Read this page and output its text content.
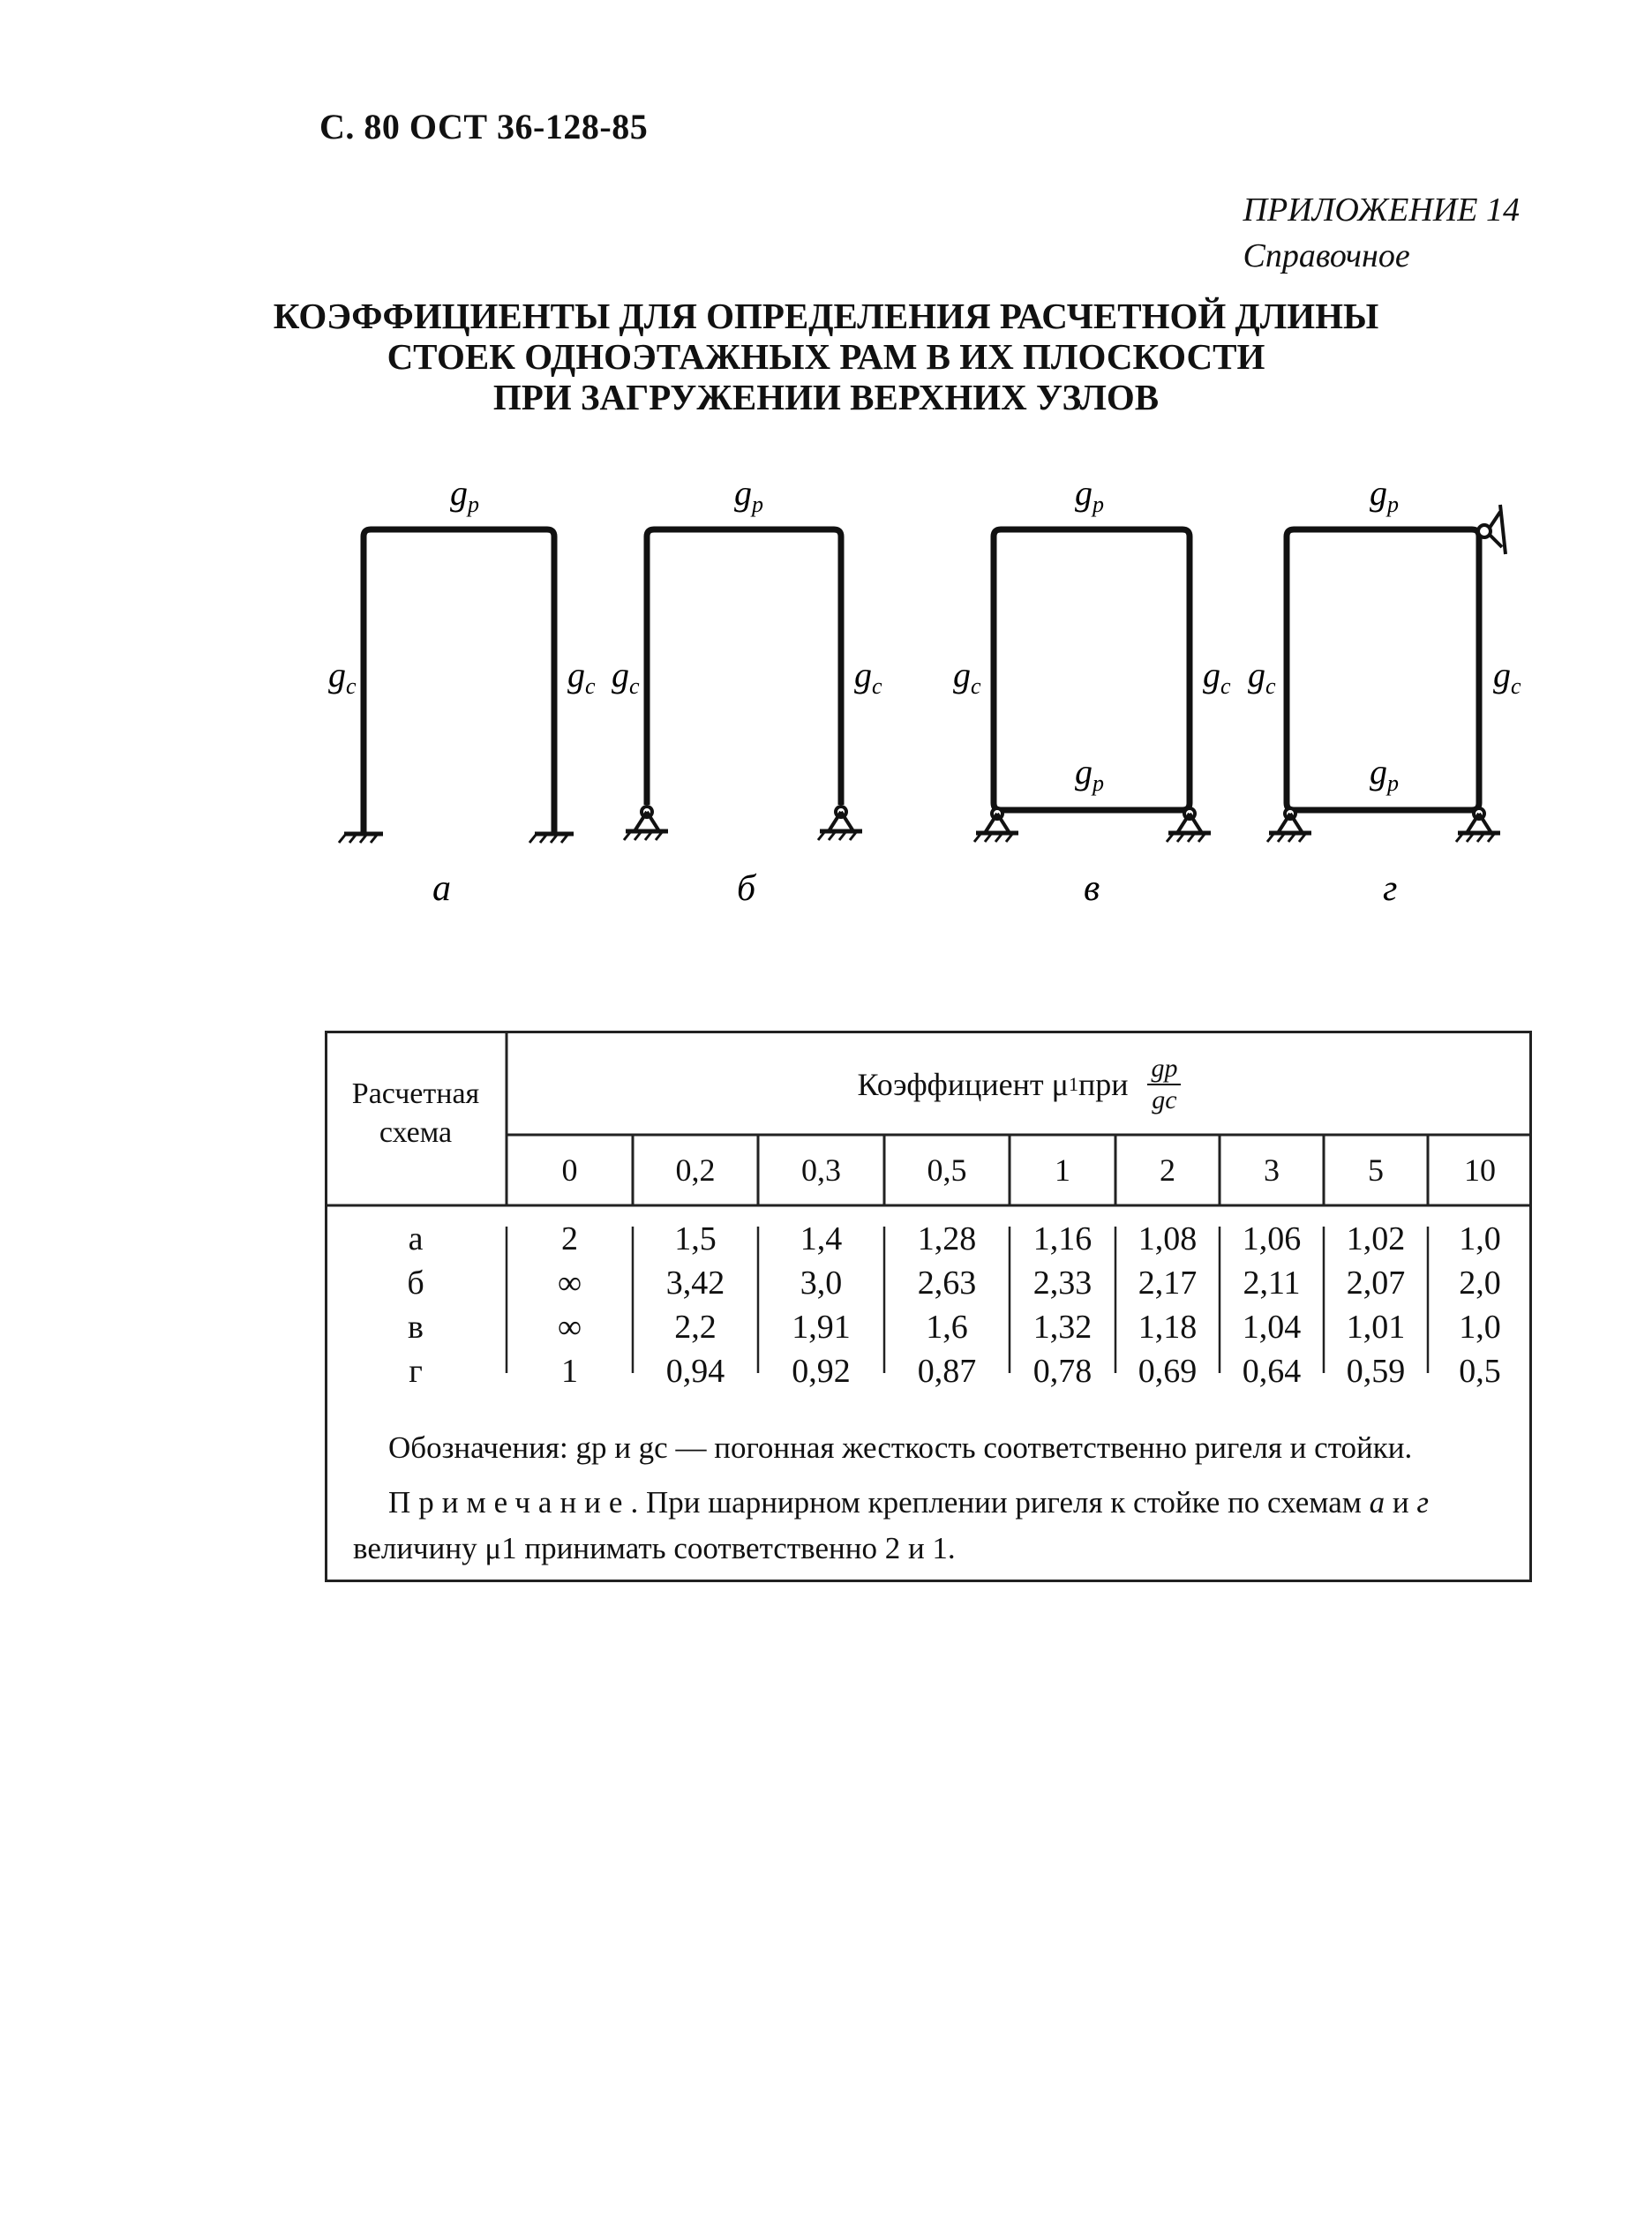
С. 80 ОСТ 36-128-85
ПРИЛОЖЕНИЕ 14
Справочное
КОЭФФИЦИЕНТЫ ДЛЯ ОПРЕДЕЛЕНИЯ РАСЧЕТНОЙ ДЛИНЫ
СТОЕК ОДНОЭТАЖНЫХ РАМ В ИХ ПЛОСКОСТИ
ПРИ ЗАГРУЖЕНИИ ВЕРХНИХ УЗЛОВ
$g_p$
$g_c$	$g_c$
а
$g_p$
$g_c$	$g_c$
б
$g_p$
$g_p$
$g_c$	$g_c$
в
$g_p$
$g_p$
$g_c$	$g_c$
г
Расчетная схема
Коэффициент μ 1 при $\frac{gp}{gc}$
0	0,2	0,3	0,5	1	2	3	5	10
а	2	1,5	1,4	1,28	1,16	1,08	1,06	1,02	1,0
б	∞	3,42	3,0	2,63	2,33	2,17	2,11	2,07	2,0
в	∞	2,2	1,91	1,6	1,32	1,18	1,04	1,01	1,0
г	1	0,94	0,92	0,87	0,78	0,69	0,64	0,59	0,5

Обозначения: gр и gс — погонная жесткость соответственно ригеля и стойки.

Примечание. При шарнирном креплении ригеля к стойке по схемам а и г величину μ1 принимать соответственно 2 и 1.
